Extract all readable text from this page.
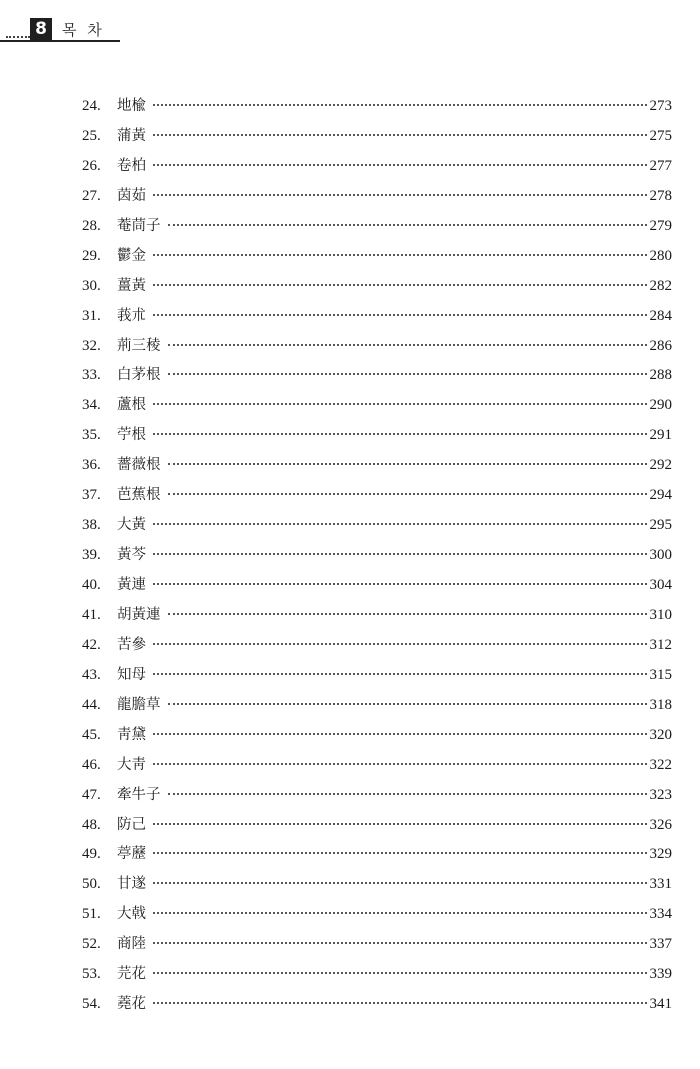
8	목 차
24.	地楡	273
25.	蒲黃	275
26.	卷柏	277
27.	茵茹	278
28.	菴茼子	279
29.	鬱金	280
30.	薑黃	282
31.	莪朮	284
32.	荊三稜	286
33.	白茅根	288
34.	蘆根	290
35.	苧根	291
36.	薔薇根	292
37.	芭蕉根	294
38.	大黃	295
39.	黃芩	300
40.	黃連	304
41.	胡黃連	310
42.	苦參	312
43.	知母	315
44.	龍膽草	318
45.	靑黛	320
46.	大靑	322
47.	牽牛子	323
48.	防己	326
49.	葶藶	329
50.	甘遂	331
51.	大戟	334
52.	商陸	337
53.	芫花	339
54.	蕘花	341
